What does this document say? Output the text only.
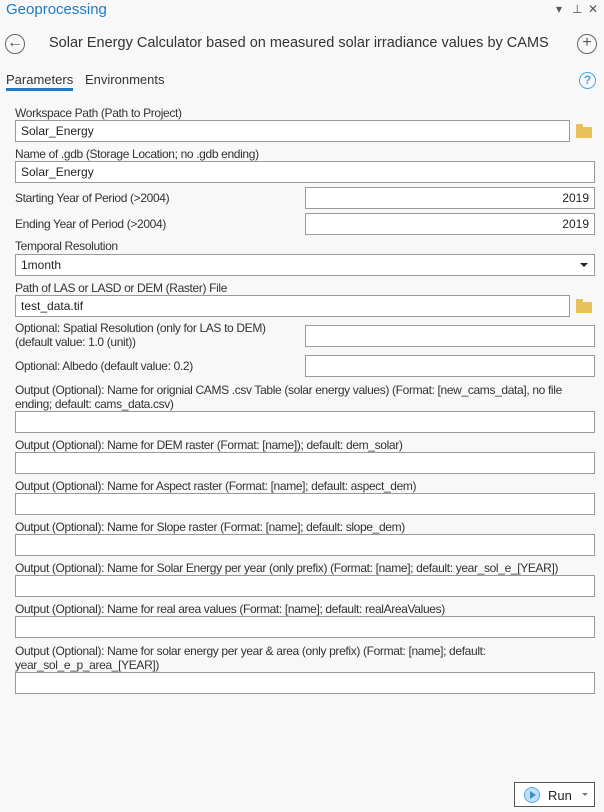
Geoprocessing	▾ ⊥ ✕
← Solar Energy Calculator based on measured solar irradiance values by CAMS	+
Parameters Environments	?
Workspace Path (Path to Project)
Solar_Energy
Name of .gdb (Storage Location; no .gdb ending)
Solar_Energy
Starting Year of Period (>2004)	2019
Ending Year of Period (>2004)	2019
Temporal Resolution
1month
Path of LAS or LASD or DEM (Raster) File
test_data.tif
Optional: Spatial Resolution (only for LAS to DEM)
(default value: 1.0 (unit))
Optional: Albedo (default value: 0.2)
Output (Optional): Name for orignial CAMS .csv Table (solar energy values) (Format: [new_cams_data], no file
ending; default: cams_data.csv)
Output (Optional): Name for DEM raster (Format: [name]); default: dem_solar)
Output (Optional): Name for Aspect raster (Format: [name]; default: aspect_dem)
Output (Optional): Name for Slope raster (Format: [name]; default: slope_dem)
Output (Optional): Name for Solar Energy per year (only prefix) (Format: [name]; default: year_sol_e_[YEAR])
Output (Optional): Name for real area values (Format: [name]; default: realAreaValues)
Output (Optional): Name for solar energy per year & area (only prefix) (Format: [name]; default:
year_sol_e_p_area_[YEAR])
Run
